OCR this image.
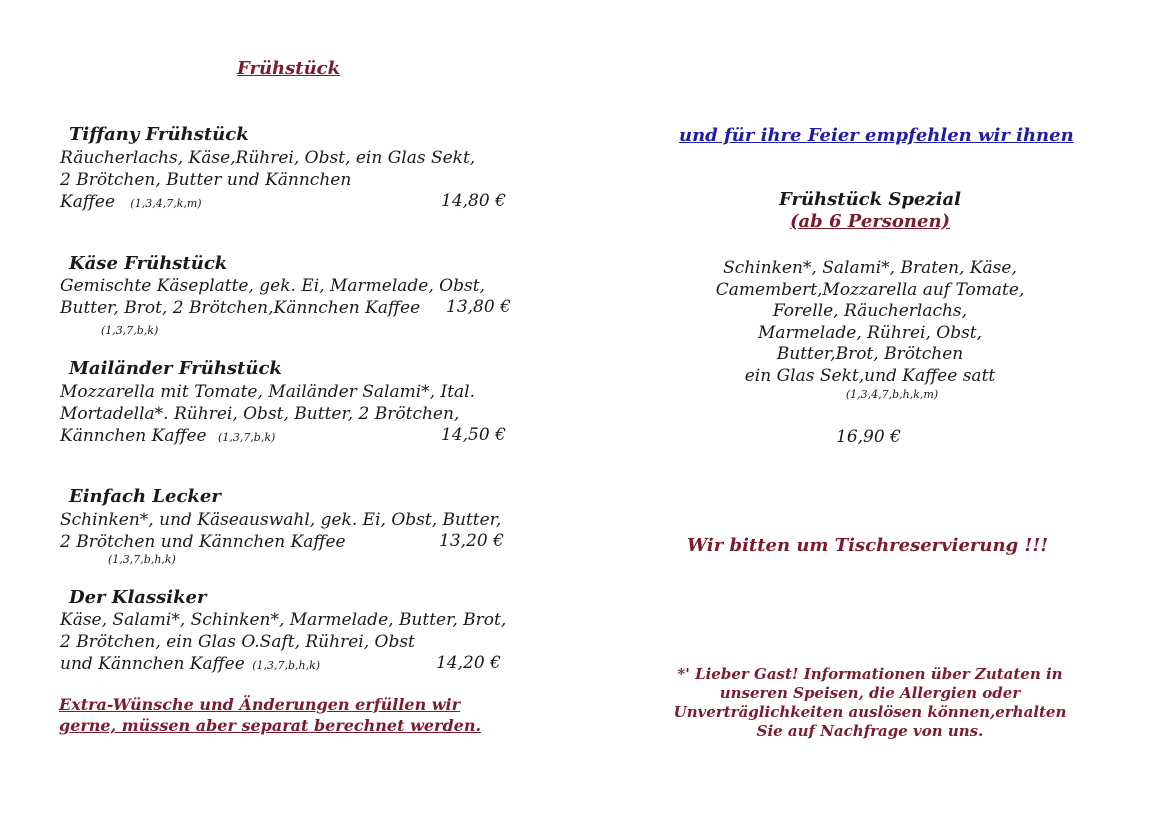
Frühstück
Tiffany Frühstück
Räucherlachs, Käse,Rührei, Obst, ein Glas Sekt,
2 Brötchen, Butter und Kännchen
Kaffee (1,3,4,7,k,m)	14,80 €
Käse Frühstück
Gemischte Käseplatte, gek. Ei, Marmelade, Obst,
Butter, Brot, 2 Brötchen,Kännchen Kaffee 13,80 €
(1,3,7,b,k)
Mailänder Frühstück
Mozzarella mit Tomate, Mailänder Salami*, Ital.
Mortadella*. Rührei, Obst, Butter, 2 Brötchen,
Kännchen Kaffee (1,3,7,b,k)	14,50 €
Einfach Lecker
Schinken*, und Käseauswahl, gek. Ei, Obst, Butter,
2 Brötchen und Kännchen Kaffee	13,20 €
(1,3,7,b,h,k)
Der Klassiker
Käse, Salami*, Schinken*, Marmelade, Butter, Brot,
2 Brötchen, ein Glas O.Saft, Rührei, Obst
und Kännchen Kaffee (1,3,7,b,h,k)	14,20 €
Extra-Wünsche und Änderungen erfüllen wir
gerne, müssen aber separat berechnet werden.
und für ihre Feier empfehlen wir ihnen
Frühstück Spezial
(ab 6 Personen)
Schinken*, Salami*, Braten, Käse,
Camembert,Mozzarella auf Tomate,
Forelle, Räucherlachs,
Marmelade, Rührei, Obst,
Butter,Brot, Brötchen
ein Glas Sekt,und Kaffee satt
(1,3,4,7,b,h,k,m)
16,90 €
Wir bitten um Tischreservierung !!!
*' Lieber Gast! Informationen über Zutaten in
unseren Speisen, die Allergien oder
Unverträglichkeiten auslösen können,erhalten
Sie auf Nachfrage von uns.
